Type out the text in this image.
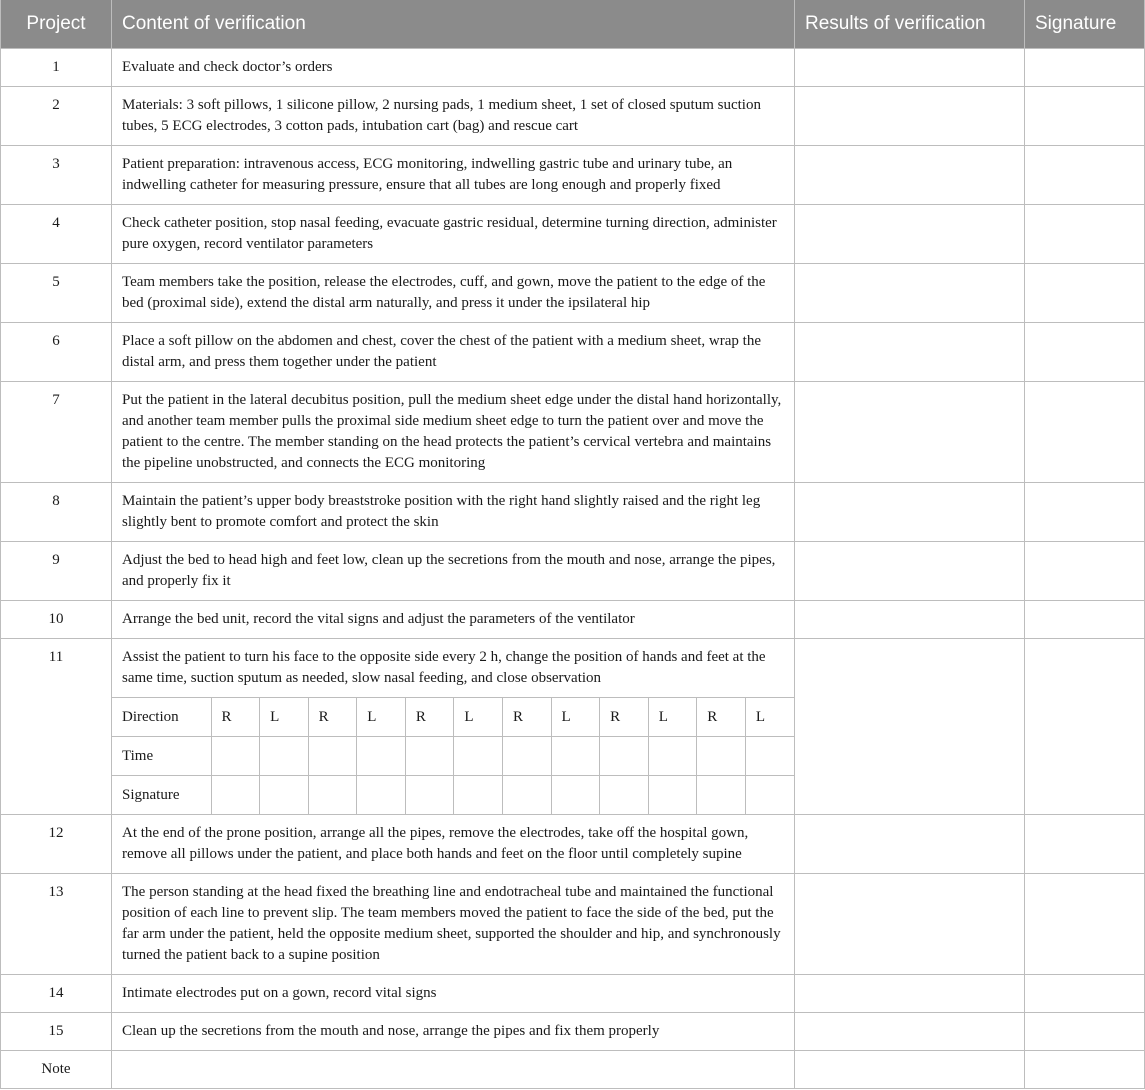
Project	Content of verification	Results of verification	Signature
1	Evaluate and check doctor’s orders		
2	Materials: 3 soft pillows, 1 silicone pillow, 2 nursing pads, 1 medium sheet, 1 set of closed sputum suction tubes, 5 ECG electrodes, 3 cotton pads, intubation cart (bag) and rescue cart		
3	Patient preparation: intravenous access, ECG monitoring, indwelling gastric tube and urinary tube, an indwelling catheter for measuring pressure, ensure that all tubes are long enough and properly fixed		
4	Check catheter position, stop nasal feeding, evacuate gastric residual, determine turning direction, administer pure oxygen, record ventilator parameters		
5	Team members take the position, release the electrodes, cuff, and gown, move the patient to the edge of the bed (proximal side), extend the distal arm naturally, and press it under the ipsilateral hip		
6	Place a soft pillow on the abdomen and chest, cover the chest of the patient with a medium sheet, wrap the distal arm, and press them together under the patient		
7	Put the patient in the lateral decubitus position, pull the medium sheet edge under the distal hand horizontally, and another team member pulls the proximal side medium sheet edge to turn the patient over and move the patient to the centre. The member standing on the head protects the patient’s cervical vertebra and maintains the pipeline unobstructed, and connects the ECG monitoring		
8	Maintain the patient’s upper body breaststroke position with the right hand slightly raised and the right leg slightly bent to promote comfort and protect the skin		
9	Adjust the bed to head high and feet low, clean up the secretions from the mouth and nose, arrange the pipes, and properly fix it		
10	Arrange the bed unit, record the vital signs and adjust the parameters of the ventilator		
11	Assist the patient to turn his face to the opposite side every 2 h, change the position of hands and feet at the same time, suction sputum as needed, slow nasal feeding, and close observation
Direction	R	L	R	L	R	L	R	L	R	L	R	L
Time												
Signature												

12	At the end of the prone position, arrange all the pipes, remove the electrodes, take off the hospital gown, remove all pillows under the patient, and place both hands and feet on the floor until completely supine		
13	The person standing at the head fixed the breathing line and endotracheal tube and maintained the functional position of each line to prevent slip. The team members moved the patient to face the side of the bed, put the far arm under the patient, held the opposite medium sheet, supported the shoulder and hip, and synchronously turned the patient back to a supine position		
14	Intimate electrodes put on a gown, record vital signs		
15	Clean up the secretions from the mouth and nose, arrange the pipes and fix them properly		
Note			
